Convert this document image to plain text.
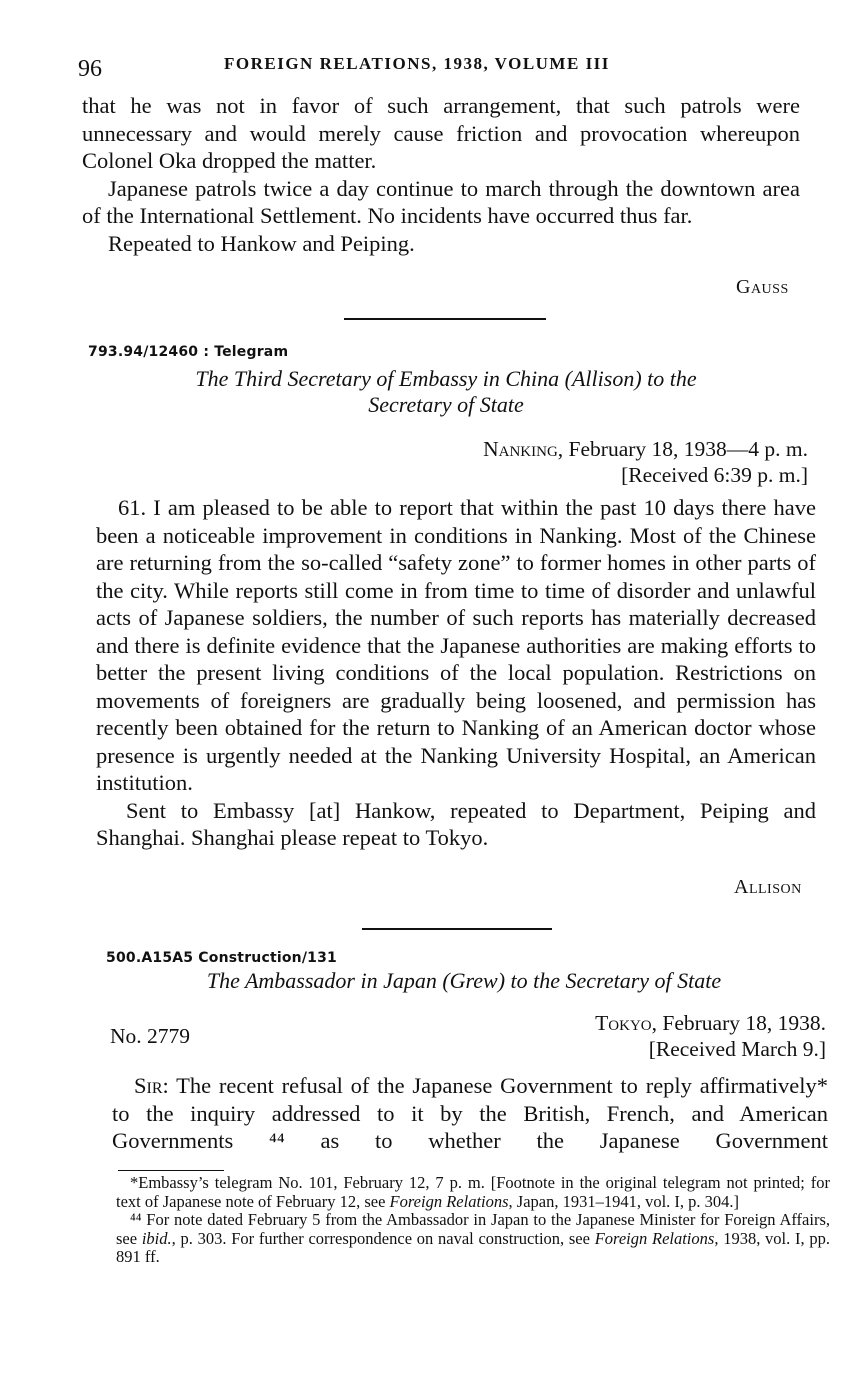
96	FOREIGN RELATIONS, 1938, VOLUME III

that he was not in favor of such arrangement, that such patrols were unnecessary and would merely cause friction and provocation whereupon Colonel Oka dropped the matter.

Japanese patrols twice a day continue to march through the downtown area of the International Settlement. No incidents have occurred thus far.

Repeated to Hankow and Peiping.

Gauss
793.94/12460 : Telegram
The Third Secretary of Embassy in China (Allison) to the
Secretary of State
Nanking, February 18, 1938—4 p. m.
[Received 6:39 p. m.]

61. I am pleased to be able to report that within the past 10 days there have been a noticeable improvement in conditions in Nanking. Most of the Chinese are returning from the so-called “safety zone” to former homes in other parts of the city. While reports still come in from time to time of disorder and unlawful acts of Japanese soldiers, the number of such reports has materially decreased and there is definite evidence that the Japanese authorities are making efforts to better the present living conditions of the local population. Restrictions on movements of foreigners are gradually being loosened, and permission has recently been obtained for the return to Nanking of an American doctor whose presence is urgently needed at the Nanking University Hospital, an American institution.

Sent to Embassy [at] Hankow, repeated to Department, Peiping and Shanghai. Shanghai please repeat to Tokyo.

Allison
500.A15A5 Construction/131
The Ambassador in Japan (Grew) to the Secretary of State
No. 2779
Tokyo, February 18, 1938.
[Received March 9.]

Sir: The recent refusal of the Japanese Government to reply affirmatively* to the inquiry addressed to it by the British, French, and American Governments ⁴⁴ as to whether the Japanese Government

*Embassy’s telegram No. 101, February 12, 7 p. m. [Footnote in the original telegram not printed; for text of Japanese note of February 12, see Foreign Relations, Japan, 1931–1941, vol. I, p. 304.]

⁴⁴ For note dated February 5 from the Ambassador in Japan to the Japanese Minister for Foreign Affairs, see ibid., p. 303. For further correspondence on naval construction, see Foreign Relations, 1938, vol. I, pp. 891 ff.
